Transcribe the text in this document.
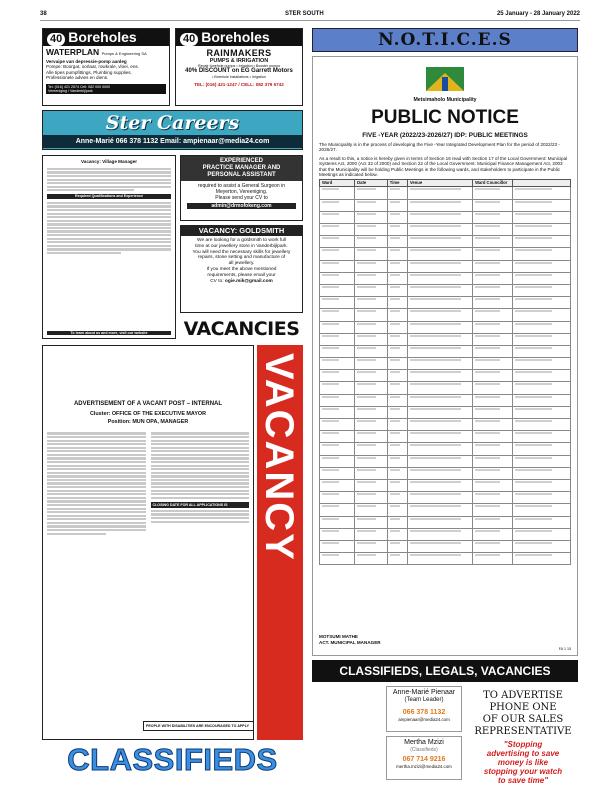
38	STER SOUTH	25 January - 28 January 2022
40 Boreholes
WATERPLAN Pumps & Engineering SA
Vervaipe van depressie-pomp aanleg
Pompe: Boorgat, oorlaat, rowkrale, vloei, ens.
Alle tipes pumpfittings, Plumbing supplies.
Professionele advies en diens.
Tel: (016) 421 2574 Cell: 082 000 0000
Vereeniging / Vanderbijlpark
40 Boreholes
RAINMAKERS
PUMPS & IRRIGATION
Repair borehole pumps • Irrigation • Booster pumps
40% DISCOUNT on EG Garrett Motors
• Borehole installations • Irrigation
TEL: (016) 421-1247 / CELL: 082 379 5742
Ster Careers
Anne-Marié 066 378 1132 Email: ampienaar@media24.com
Vacancy: Village Manager
Required Qualifications and Experience
To learn about us and more, visit our website
EXPERIENCED
PRACTICE MANAGER AND
PERSONAL ASSISTANT
required to assist a General Surgeon in
Meyerton, Vereeniging.
Please send your CV to
admin@drmofokeng.com
VACANCY: GOLDSMITH
We are looking for a goldsmith to work full
time at our jewellery store in Vanderbijlpark.
You will need the necessary skills for jewellery
repairs, stone setting and manufacture of
all jewellery.
If you meet the above mentioned
requirements, please email your
CV to: ogie.mik@gmail.com
VACANCIES
ADVERTISEMENT OF A VACANT POST – INTERNAL
Cluster: OFFICE OF THE EXECUTIVE MAYOR
Position: MUN OPA, MANAGER
CLOSING DATE FOR ALL APPLICATIONS IS
PEOPLE WITH DISABILITIES ARE ENCOURAGED TO APPLY
VACANCY
CLASSIFIEDS
N.O.T.I.C.E.S
Metsimaholo Municipality
PUBLIC NOTICE
FIVE -YEAR (2022/23-2026/27) IDP: PUBLIC MEETINGS
The Municipality is in the process of developing the Five -Year Integrated Development Plan for the period of 2022/23 - 2026/27.
As a result to this, a notice is hereby given in terms of Section 16 read with Section 17 of the Local Government: Municipal Systems Act, 2000 (Act 32 of 2000) and Section 22 of the Local Government: Municipal Finance Management Act, 2003 that the Municipality will be holding Public Meetings in the following wards, and stakeholders to participate in the Public Meetings as indicated below.
Ward	Date	Time	Venue	Ward Councillor	

MOTSUMI MATHE
ACT. MUNICIPAL MANAGER
FA 1 15
CLASSIFIEDS, LEGALS, VACANCIES
Anne-Marié Pienaar
(Team Leader)
066 378 1132
ampienaar@media24.com
Mertha Mzizi
(Classifieds)
067 714 9216
mertha.mzizi@media24.com
TO ADVERTISE
PHONE ONE
OF OUR SALES
REPRESENTATIVE
"Stopping
advertising to save
money is like
stopping your watch
to save time"
